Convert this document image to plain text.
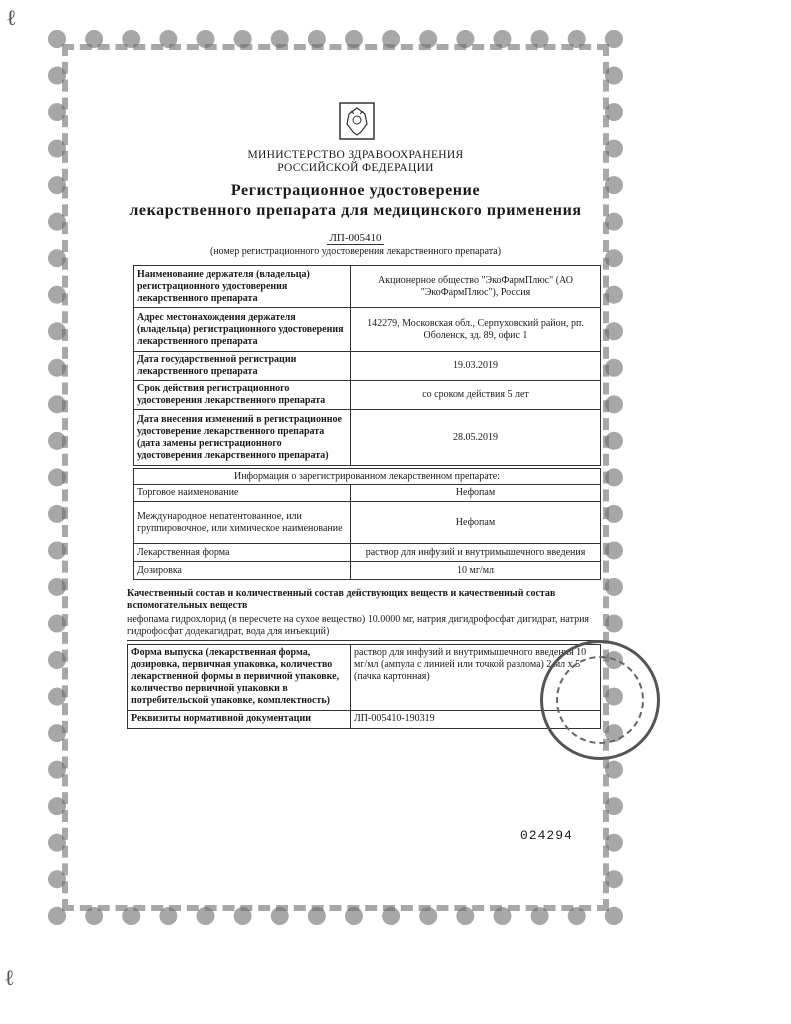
ℓ
МИНИСТЕРСТВО ЗДРАВООХРАНЕНИЯ
РОССИЙСКОЙ ФЕДЕРАЦИИ
Регистрационное удостоверение
лекарственного препарата для медицинского применения
ЛП-005410
(номер регистрационного удостоверения лекарственного препарата)
Наименование держателя (владельца) регистрационного удостоверения лекарственного препарата	Акционерное общество "ЭкоФармПлюс" (АО "ЭкоФармПлюс"), Россия
Адрес местонахождения держателя (владельца) регистрационного удостоверения лекарственного препарата	142279, Московская обл., Серпуховский район, рп. Оболенск, зд. 89, офис 1
Дата государственной регистрации лекарственного препарата	19.03.2019
Срок действия регистрационного удостоверения лекарственного препарата	со сроком действия 5 лет
Дата внесения изменений в регистрационное удостоверение лекарственного препарата (дата замены регистрационного удостоверения лекарственного препарата)	28.05.2019
Информация о зарегистрированном лекарственном препарате:
Торговое наименование	Нефопам
Международное непатентованное, или группировочное, или химическое наименование	Нефопам
Лекарственная форма	раствор для инфузий и внутримышечного введения
Дозировка	10 мг/мл
Качественный состав и количественный состав действующих веществ и качественный состав вспомогательных веществ
нефопама гидрохлорид (в пересчете на сухое вещество) 10.0000 мг, натрия дигидрофосфат дигидрат, натрия гидрофосфат додекагидрат, вода для инъекций)
Форма выпуска (лекарственная форма, дозировка, первичная упаковка, количество лекарственной формы в первичной упаковке, количество первичной упаковки в потребительской упаковке, комплектность)	раствор для инфузий и внутримышечного введения 10 мг/мл (ампула с линией или точкой разлома) 2 мл х 5 (пачка картонная)
Реквизиты нормативной документации	ЛП-005410-190319
024294
ℓ
